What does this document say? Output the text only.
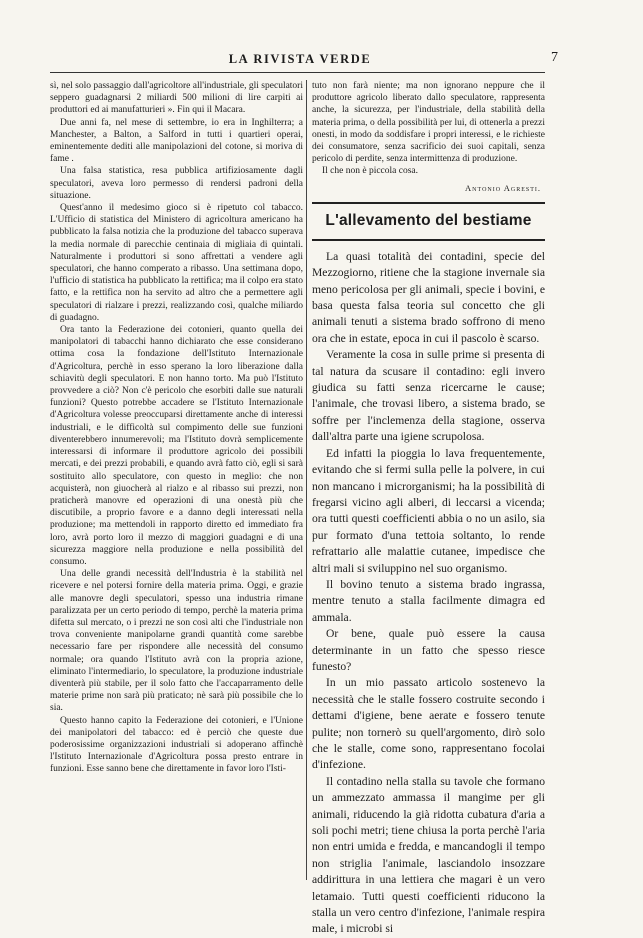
LA RIVISTA VERDE	7

sì, nel solo passaggio dall'agricoltore all'industriale, gli speculatori seppero guadagnarsi 2 miliardi 500 milioni di lire carpiti ai produttori ed ai manufatturieri ». Fin qui il Macara.

Due anni fa, nel mese di settembre, io era in Inghilterra; a Manchester, a Balton, a Salford in tutti i quartieri operai, eminentemente dediti alle manipolazioni del cotone, si moriva di fame .

Una falsa statistica, resa pubblica artifiziosamente dagli speculatori, aveva loro permesso di rendersi padroni della situazione.

Quest'anno il medesimo gioco si è ripetuto col tabacco. L'Ufficio di statistica del Ministero di agricoltura americano ha pubblicato la falsa notizia che la produzione del tabacco superava la media normale di parecchie centinaia di migliaia di quintali. Naturalmente i produttori si sono affrettati a vendere agli speculatori, che hanno comperato a ribasso. Una settimana dopo, l'ufficio di statistica ha pubblicato la rettifica; ma il colpo era stato fatto, e la rettifica non ha servito ad altro che a permettere agli speculatori di rialzare i prezzi, realizzando così, qualche miliardo di guadagno.

Ora tanto la Federazione dei cotonieri, quanto quella dei manipolatori di tabacchi hanno dichiarato che esse considerano ottima cosa la fondazione dell'Istituto Internazionale d'Agricoltura, perchè in esso sperano la loro liberazione dalla schiavitù degli speculatori. E non hanno torto. Ma può l'Istituto provvedere a ciò? Non c'è pericolo che esorbiti dalle sue naturali funzioni? Questo potrebbe accadere se l'Istituto Internazionale d'Agricoltura volesse preoccuparsi direttamente anche di interessi industriali, e le difficoltà sul compimento delle sue funzioni diventerebbero innumerevoli; ma l'Istituto dovrà semplicemente interessarsi di informare il produttore agricolo dei possibili mercati, e dei prezzi probabili, e quando avrà fatto ciò, egli si sarà sostituito allo speculatore, con questo in meglio: che non acquisterà, non giuocherà al rialzo e al ribasso sui prezzi, non praticherà manovre ed operazioni di una onestà più che discutibile, a proprio favore e a danno degli interessati nella produzione; ma mettendoli in rapporto diretto ed immediato fra loro, avrà porto loro il mezzo di maggiori guadagni e di una sicurezza maggiore nella produzione e nella possibilità del consumo.

Una delle grandi necessità dell'Industria è la stabilità nel ricevere e nel potersi fornire della materia prima. Oggi, e grazie alle manovre degli speculatori, spesso una industria rimane paralizzata per un certo periodo di tempo, perchè la materia prima difetta sul mercato, o i prezzi ne son così alti che l'industriale non trova conveniente manipolarne grandi quantità come sarebbe necessario fare per rispondere alle necessità del consumo normale; ora quando l'Istituto avrà con la propria azione, eliminato l'intermediario, lo speculatore, la produzione industriale diventerà più stabile, per il solo fatto che l'accaparramento delle materie prime non sarà più praticato; nè sarà più possibile che lo sia.

Questo hanno capito la Federazione dei cotonieri, e l'Unione dei manipolatori del tabacco: ed è perciò che queste due poderosissime organizzazioni industriali si adoperano affinchè l'Istituto Internazionale d'Agricoltura possa presto entrare in funzioni. Esse sanno bene che direttamente in favor loro l'Isti-

tuto non farà niente; ma non ignorano neppure che il produttore agricolo liberato dallo speculatore, rappresenta anche, la sicurezza, per l'industriale, della stabilità della materia prima, o della possibilità per lui, di ottenerla a prezzi onesti, in modo da soddisfare i propri interessi, e le richieste dei consumatore, senza sacrificio dei suoi capitali, senza pericolo di perdite, senza intermittenza di produzione.

Il che non è piccola cosa.

Antonio Agresti.

L'allevamento del bestiame

La quasi totalità dei contadini, specie del Mezzogiorno, ritiene che la stagione invernale sia meno pericolosa per gli animali, specie i bovini, e basa questa falsa teoria sul concetto che gli animali tenuti a sistema brado soffrono di meno ora che in estate, epoca in cui il pascolo è scarso.

Veramente la cosa in sulle prime si presenta di tal natura da scusare il contadino: egli invero giudica su fatti senza ricercarne le cause; l'animale, che trovasi libero, a sistema brado, se soffre per l'inclemenza della stagione, osserva dall'altra parte una igiene scrupolosa.

Ed infatti la pioggia lo lava frequentemente, evitando che si fermi sulla pelle la polvere, in cui non mancano i microrganismi; ha la possibilità di fregarsi vicino agli alberi, di leccarsi a vicenda; ora tutti questi coefficienti abbia o no un asilo, sia pur formato d'una tettoia soltanto, lo rende refrattario alle malattie cutanee, impedisce che altri mali si sviluppino nel suo organismo.

Il bovino tenuto a sistema brado ingrassa, mentre tenuto a stalla facilmente dimagra ed ammala.

Or bene, quale può essere la causa determinante in un fatto che spesso riesce funesto?

In un mio passato articolo sostenevo la necessità che le stalle fossero costruite secondo i dettami d'igiene, bene aerate e fossero tenute pulite; non tornerò su quell'argomento, dirò solo che le stalle, come sono, rappresentano focolai d'infezione.

Il contadino nella stalla su tavole che formano un ammezzato ammassa il mangime per gli animali, riducendo la già ridotta cubatura d'aria a soli pochi metri; tiene chiusa la porta perchè l'aria non entri umida e fredda, e mancandogli il tempo non striglia l'animale, lasciandolo insozzare addirittura in una lettiera che magari è un vero letamaio. Tutti questi coefficienti riducono la stalla un vero centro d'infezione, l'animale respira male, i microbi si
